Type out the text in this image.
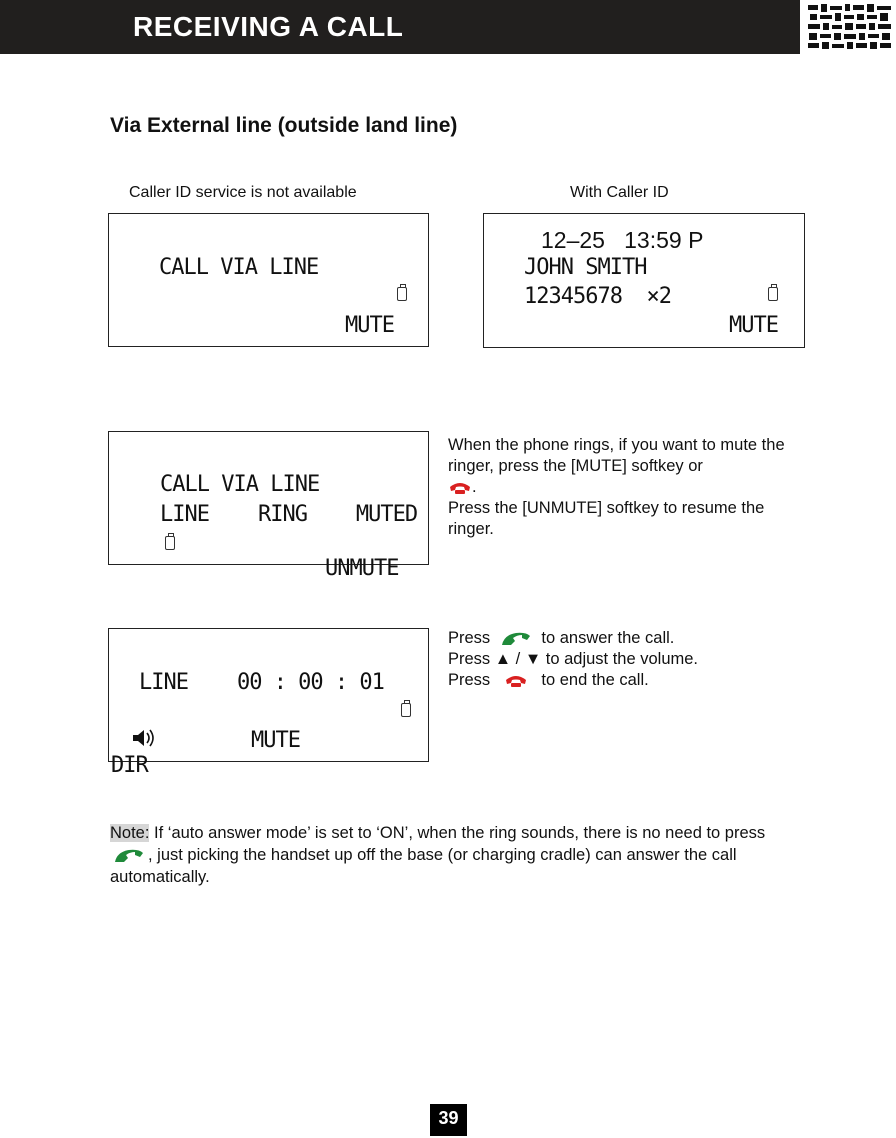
RECEIVING A CALL
Via External line (outside land line)
Caller ID service is not available	With Caller ID
CALL VIA LINE
MUTE
12–25   13:59 P
JOHN SMITH
12345678  ×2
MUTE
CALL VIA LINE
LINE    RING    MUTED
UNMUTE
LINE    00 : 00 : 01
MUTE
DIR

When the phone rings, if you want to mute the ringer, press the [MUTE] softkey or
.

Press the [UNMUTE] softkey to resume the ringer.

Press	to answer the call.

Press ▲ / ▼ to adjust the volume.

Press	to end the call.

Note: If ‘auto answer mode’ is set to ‘ON’, when the ring sounds, there is no need to press , just picking the handset up off the base (or charging cradle) can answer the call automatically.
39
